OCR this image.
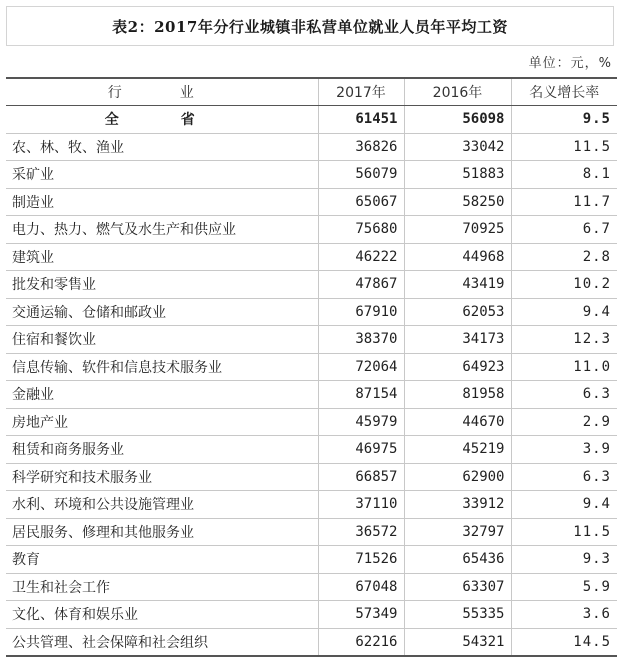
表2：2017年分行业城镇非私营单位就业人员年平均工资
单位：元，%
行　业	2017年	2016年	名义增长率
全　省	61451	56098	9.5
农、林、牧、渔业	36826	33042	11.5
采矿业	56079	51883	8.1
制造业	65067	58250	11.7
电力、热力、燃气及水生产和供应业	75680	70925	6.7
建筑业	46222	44968	2.8
批发和零售业	47867	43419	10.2
交通运输、仓储和邮政业	67910	62053	9.4
住宿和餐饮业	38370	34173	12.3
信息传输、软件和信息技术服务业	72064	64923	11.0
金融业	87154	81958	6.3
房地产业	45979	44670	2.9
租赁和商务服务业	46975	45219	3.9
科学研究和技术服务业	66857	62900	6.3
水利、环境和公共设施管理业	37110	33912	9.4
居民服务、修理和其他服务业	36572	32797	11.5
教育	71526	65436	9.3
卫生和社会工作	67048	63307	5.9
文化、体育和娱乐业	57349	55335	3.6
公共管理、社会保障和社会组织	62216	54321	14.5
